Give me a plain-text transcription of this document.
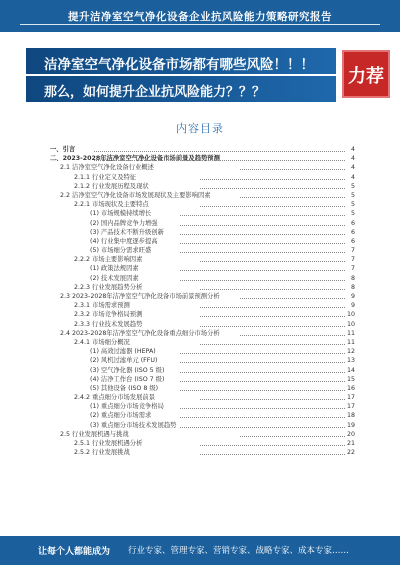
提升洁净室空气净化设备企业抗风险能力策略研究报告
洁净室空气净化设备市场都有哪些风险！！！
那么，如何提升企业抗风险能力？？？
力荐
内容目录
一、引言	4
二、2023-2028年洁净室空气净化设备市场前景及趋势预测	4
2.1 洁净室空气净化设备行业概述	4
2.1.1 行业定义及特征	4
2.1.2 行业发展历程及现状	5
2.2 洁净室空气净化设备市场发展现状及主要影响因素	5
2.2.1 市场现状及主要特点	5
(1) 市场规模持续增长	5
(2) 国内品牌竞争力增强	6
(3) 产品技术不断升级创新	6
(4) 行业集中度逐步提高	6
(5) 市场细分需求旺盛	7
2.2.2 市场主要影响因素	7
(1) 政策法规因素	7
(2) 技术发展因素	8
2.2.3 行业发展趋势分析	8
2.3 2023-2028年洁净室空气净化设备市场前景预测分析	9
2.3.1 市场需求预测	9
2.3.2 市场竞争格局预测	10
2.3.3 行业技术发展趋势	10
2.4 2023-2028年洁净室空气净化设备重点细分市场分析	11
2.4.1 市场细分概况	11
(1) 高效过滤器 (HEPA)	12
(2) 风机过滤单元 (FFU)	13
(3) 空气净化器 (ISO 5 级)	14
(4) 洁净工作台 (ISO 7 级)	15
(5) 其他设备 (ISO 8 级)	16
2.4.2 重点细分市场发展前景	17
(1) 重点细分市场竞争格局	17
(2) 重点细分市场需求	18
(3) 重点细分市场技术发展趋势	19
2.5 行业发展机遇与挑战	20
2.5.1 行业发展机遇分析	21
2.5.2 行业发展挑战	22
让每个人都能成为 行业专家、管理专家、营销专家、战略专家、成本专家……
